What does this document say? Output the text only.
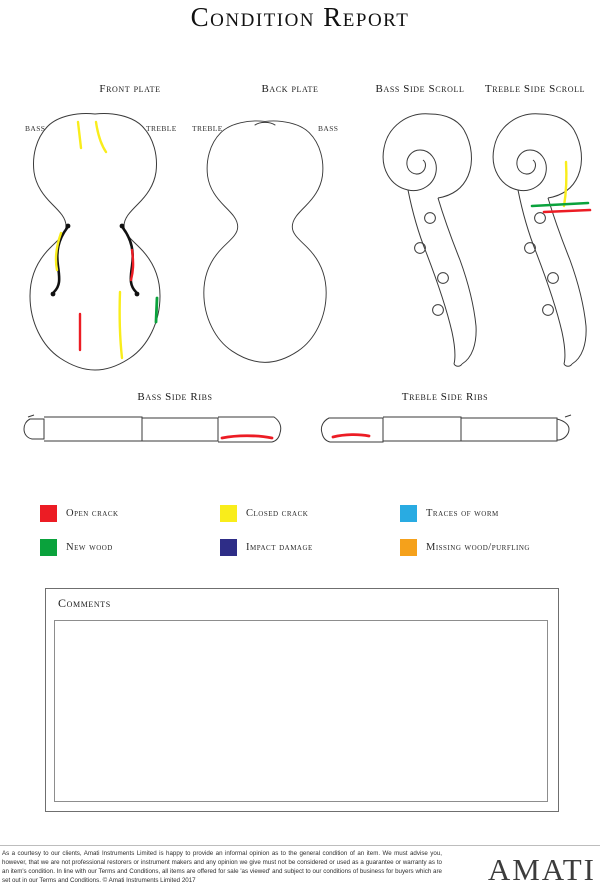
Condition Report
Front plate	Back plate	Bass Side Scroll	Treble Side Scroll
BASS	TREBLE TREBLE	BASS
Bass Side Ribs	Treble Side Ribs
Open crack	Closed crack	Traces of worm
New wood	Impact damage	Missing wood/purfling
Comments
As a courtesy to our clients, Amati Instruments Limited is happy to provide an informal opinion as to the general condition of an item. We must advise you, however, that we are not professional restorers or instrument makers and any opinion we give must not be considered or used as a guarantee or warranty as to an item's condition. In line with our Terms and Conditions, all items are offered for sale 'as viewed' and subject to our conditions of business for buyers which are set out in our Terms and Conditions. © Amati Instruments Limited 2017	AMATI
